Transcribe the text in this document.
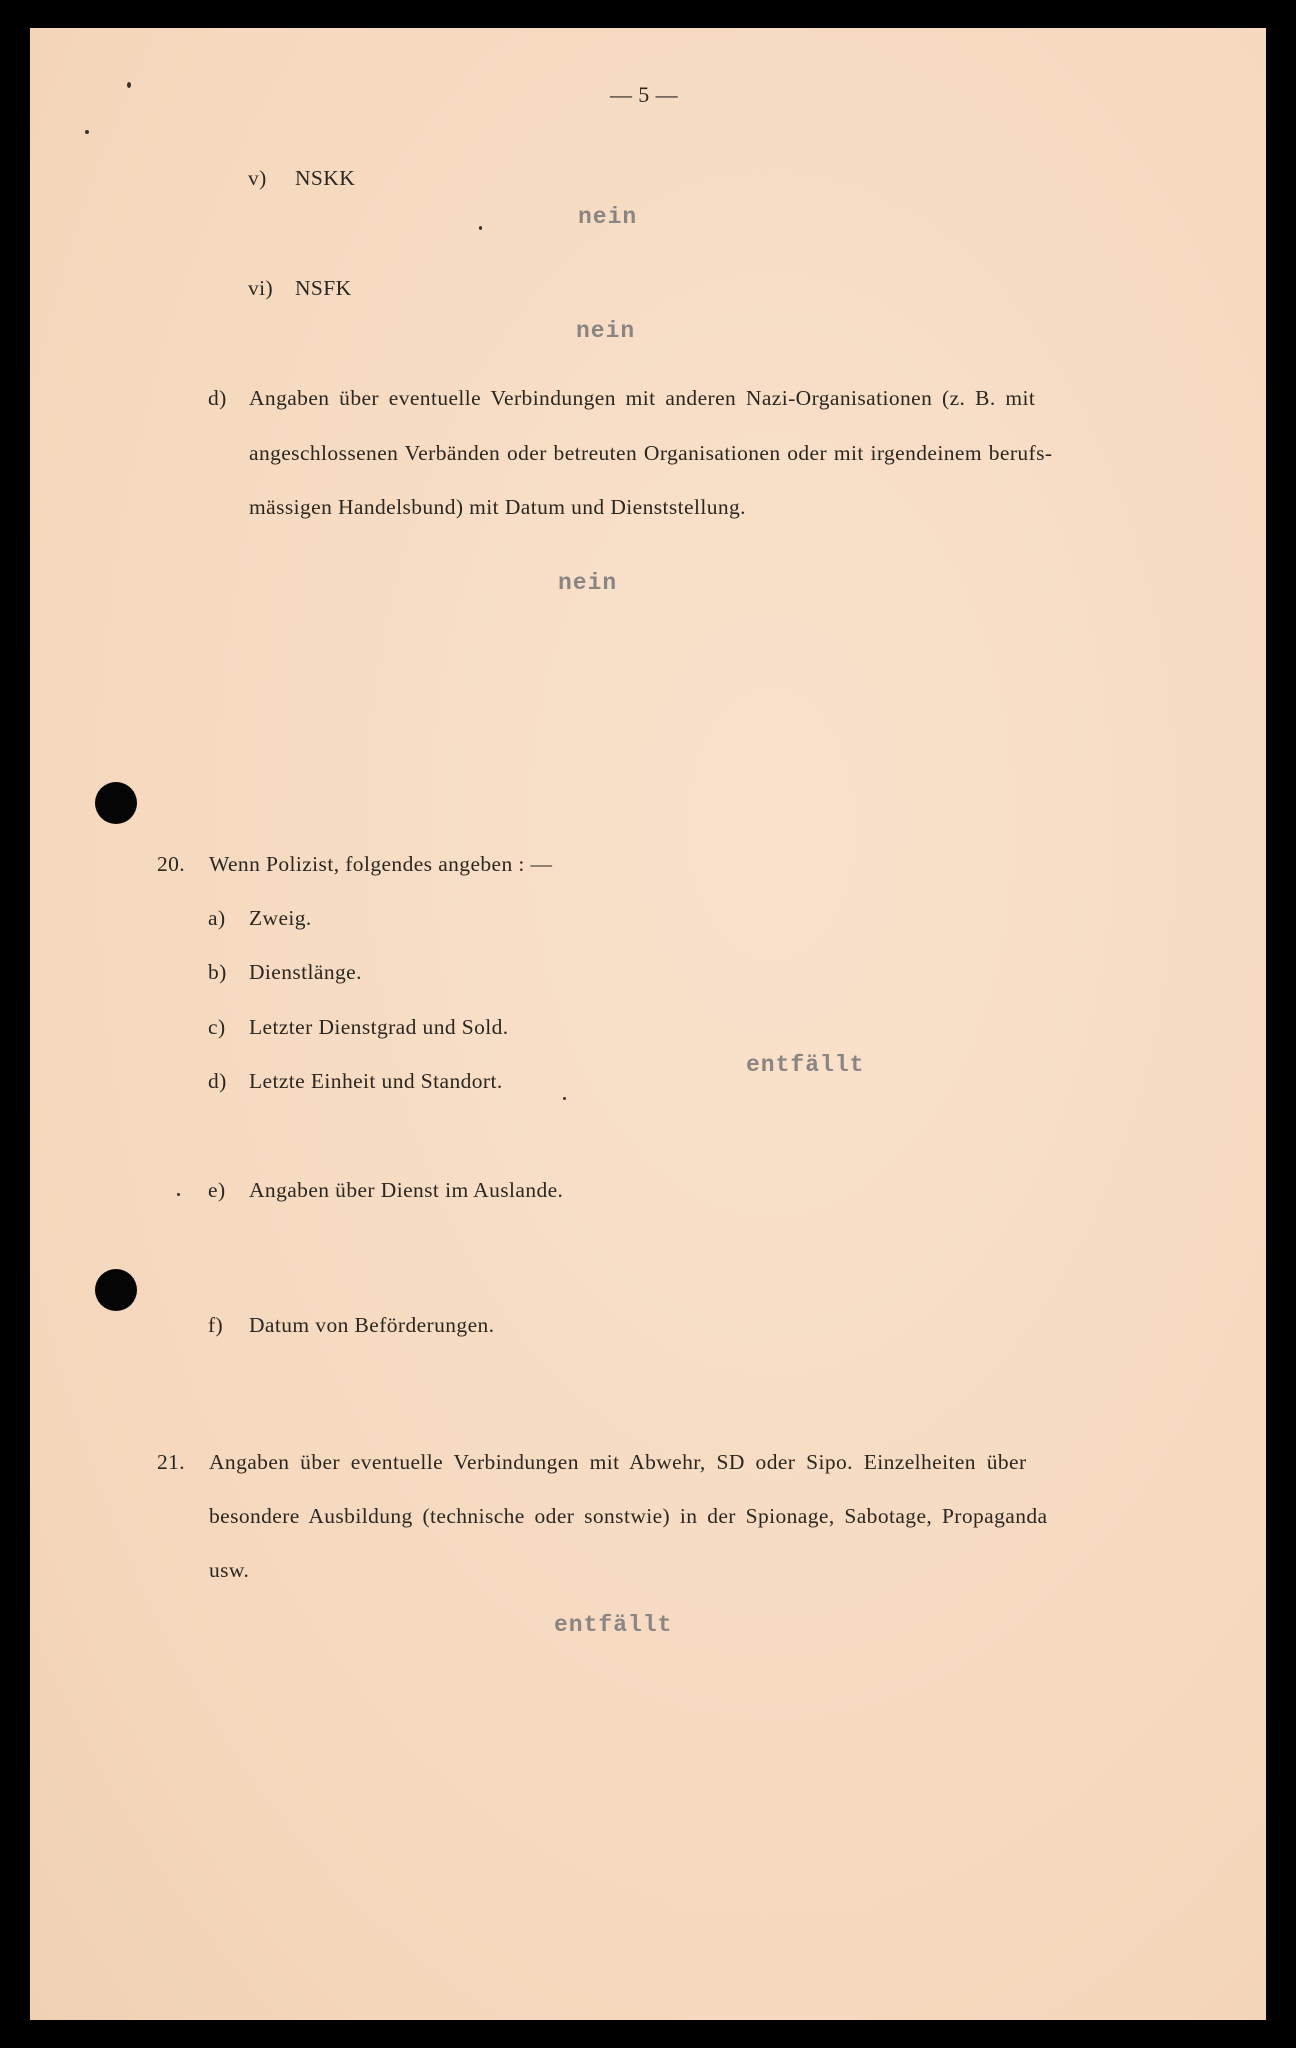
— 5 —
v) NSKK
nein
vi) NSFK
nein
d) Angaben über eventuelle Verbindungen mit anderen Nazi-Organisationen (z. B. mit
angeschlossenen Verbänden oder betreuten Organisationen oder mit irgendeinem berufs-
mässigen Handelsbund) mit Datum und Dienststellung.
nein
20. Wenn Polizist, folgendes angeben : —
a) Zweig.
b) Dienstlänge.
c) Letzter Dienstgrad und Sold.
d) Letzte Einheit und Standort.
entfällt
e) Angaben über Dienst im Auslande.
f) Datum von Beförderungen.
21. Angaben über eventuelle Verbindungen mit Abwehr, SD oder Sipo. Einzelheiten über
besondere Ausbildung (technische oder sonstwie) in der Spionage, Sabotage, Propaganda
usw.
entfällt
